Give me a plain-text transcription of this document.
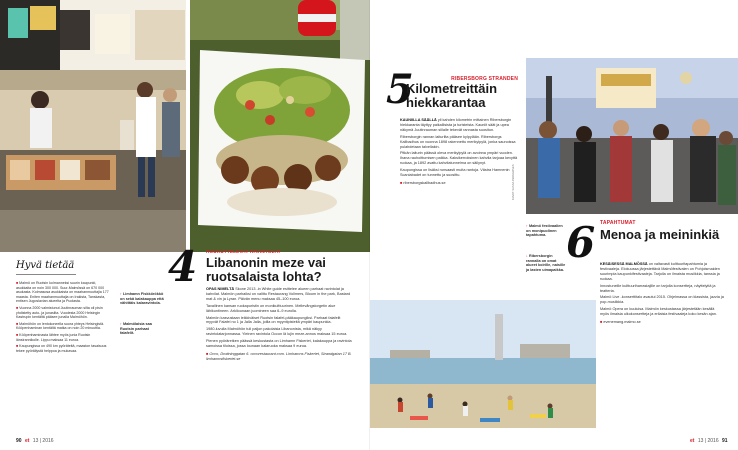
4 HOUKUTTELEVAT RAVINTOLAT
Libanonin meze vai ruotsalaista lohta?
Hyvä tietää
■ Malmö on Ruotsin kolmanneksi suurin kaupunki, asukkaita on noin 300 000. Suur-Malmössä on 670 000 asukasta. Kolmasosa asukkaista on maahanmuuttajia 177 maasta. Eniten maahanmuuttajia on Irakista, Tanskasta, entisen Jugoslavian alueelta ja Puolasta.
■ Vuonna 2000 valmistunut Juutinrauman silta oli pisin yhdistetty auto- ja junasilta. Vuodesta 2000 Helsingin Kastrupin kentältä pääsee junalla Malmöhön.
■ Malmöhön on lentokoneella suora yhteys Helsingistä. Kööpenhaminan kentältä matka on noin 20 minuuttia.
■ Kööpenhaminasta lähtee myös junia Ruotsin länsirannikolle. Lippu maksaa 11 euroa.
■ Kaupungissa on 490 km pyöräteitä, maaston tasaisuus tekee pyöräilystä helppoa ja mukavaa.
↑ Limhamn Fiskkörökkö on sekä kalakauppa että vähittäis kalaravintola.
↑ Malmölaisia saa Ruotsin parhaat falafelit.

OPAS NIMELTÄ Skone 2013 -in White guide esittelee alueen parhaat ravintolat ja kahvilat. Malmön parhaiksi on valittu Restaurang Vollmers, Bloom in the park, Bastard mat & vin ja Lyran. Päivän menu maksaa 45–100 euroa.

Tavallinen kansan ruokapuristin on monikulttuurinen. Mellevångstorgetin alue lähikuntineen. Arkilounaan juomineen saa 6–9 eurolla.

Malmön kasvustaan leikkiväiset Ruotsin falafel-pääkaupungiksi. Parhaat falafelit myyvät Falafel no 1 ja Jalla Jalla, joilla on myyntipisteitä ympäri kaupunkia.

1980-luvulla Malmöhön tuli paljon pakolaisia Libanonista, mikä näkyy ravintolatarjonnassa. Yleinen ravintola Occon lä lujin meze-annos maksaa 15 euroa.

Pienen pyöräretken päässä keskustasta on Limhamn Fiskeriet, kalakauppa ja ravintola samoissa tiloissa, jossa lounaan kalaruoka maksaa 9 euroa.

■ Occo, Drottninggatan 6. occorestaurant.com. Limhamns Fiskeriet, Strandgatan 17 B. limhamnsfiskeriet.se

90 et 13 | 2016
5	RIBERSBORG STRANDEN
Kilometreittäin hiekkarantaa

KAUNIILLA SÄÄLLÄ yli kahden kilometrin mittainen Ribersborgin hiekkaranta täyttyy paikallisista ja turisteista. Kauniit säät ja upea näkymä Juutinrauman sillalle tekevät rannasta suositun.

Ribersborgin rannan laiturilta pääsee kylpylään. Ribersborgs Kallbadhus on vuonna 1898 rakennettu merikylpylä, jonka saunoissa pulahdetaan talvellakin.

Pitkän laiturin päässä oleva merikylpylä on avoinna ympäri vuoden. Ihana rauhoittumisen paikka. Kaksikerroksinen kahvila tarjoaa kevyttä ruokaa, ja 1892 avattu kahvilatunnelma on säilynyt.

Kaupungissa on lisäksi runsaasti muita rantoja. Västra Hamnenin Scaniabadet on tunnettu ja suosittu.

■ ribersborgskallbadhus.se	KUVAT: SANNA PEKKARINEN
↑ Malmö festivaalien on monipuolinen tapahtuma.
↓ Ribersborgin rannalla on omat alueet koirille, naisille ja lasten uimapaikka.
6 TAPAHTUMAT
Menoa ja meininkiä

KESÄISESSÄ MALMÖSSÄ on valtavasti kulttuuritapahtumia ja festivaaleja. Elokuussa järjestettävä Malmöfestivalen on Pohjoismaiden suurimpia kaupunkifestivaaleja. Tarjolla on ilmaista musiikkia, tanssia ja ruokaa.

Innostuneille kulttuuriharrastajille on tarjolla konsertteja, näyttelyitä ja teatteria.

Malmö Live -konserttitalo avautui 2015. Ohjelmassa on klassista, jazzia ja pop-musiikkia.

Malmö Opera on kuuluisa. Malmön keskustassa järjestetään kesällä myös ilmaisia ulkokonsertteja ja erilaisia festivaaleja koko kesän ajan.

■ evenemang.malmo.se

et 13 | 2016 91
